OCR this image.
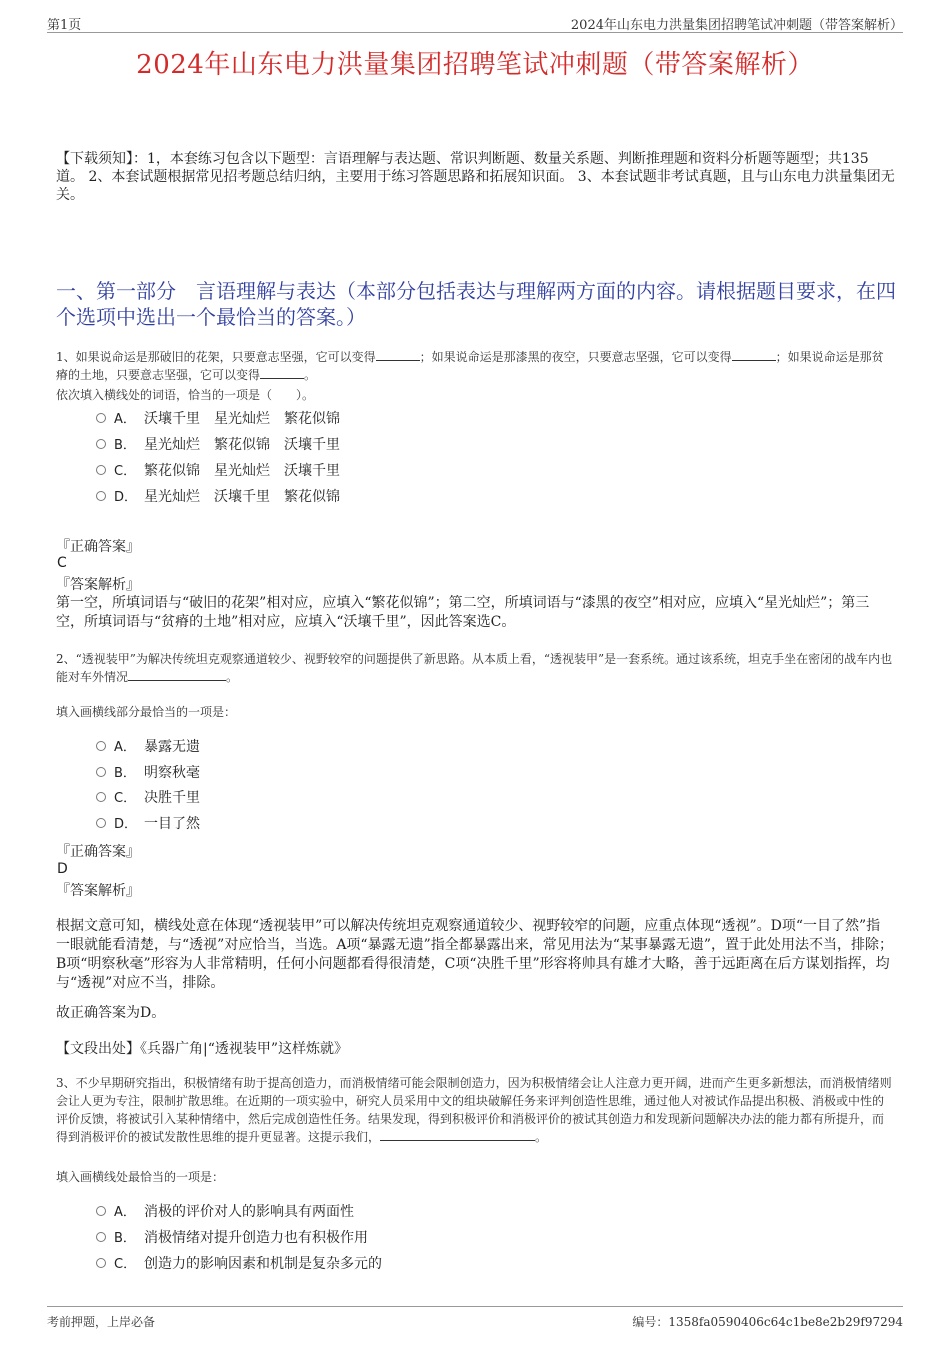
第1页	2024年山东电力洪量集团招聘笔试冲刺题（带答案解析）
2024年山东电力洪量集团招聘笔试冲刺题（带答案解析）
【下载须知】：1，本套练习包含以下题型：言语理解与表达题、常识判断题、数量关系题、判断推理题和资料分析题等题型；共135道。 2、本套试题根据常见招考题总结归纳，主要用于练习答题思路和拓展知识面。 3、本套试题非考试真题，且与山东电力洪量集团无关。
一、第一部分　言语理解与表达（本部分包括表达与理解两方面的内容。请根据题目要求，在四个选项中选出一个最恰当的答案。）
1、如果说命运是那破旧的花架，只要意志坚强，它可以变得	；如果说命运是那漆黑的夜空，只要意志坚强，它可以变得	；如果说命运是那贫瘠的土地，只要意志坚强，它可以变得	。
依次填入横线处的词语，恰当的一项是（　　）。
A． 沃壤千里　星光灿烂　繁花似锦
B． 星光灿烂　繁花似锦　沃壤千里
C． 繁花似锦　星光灿烂　沃壤千里
D． 星光灿烂　沃壤千里　繁花似锦
『正确答案』
C
『答案解析』
第一空，所填词语与“破旧的花架”相对应，应填入“繁花似锦”；第二空，所填词语与“漆黑的夜空”相对应，应填入“星光灿烂”；第三空，所填词语与“贫瘠的土地”相对应，应填入“沃壤千里”，因此答案选C。
2、“透视装甲”为解决传统坦克观察通道较少、视野较窄的问题提供了新思路。从本质上看，“透视装甲”是一套系统。通过该系统，坦克手坐在密闭的战车内也能对车外情况	。
填入画横线部分最恰当的一项是：
A． 暴露无遗
B． 明察秋毫
C． 决胜千里
D． 一目了然
『正确答案』
D
『答案解析』
根据文意可知，横线处意在体现“透视装甲”可以解决传统坦克观察通道较少、视野较窄的问题，应重点体现“透视”。D项“一目了然”指一眼就能看清楚，与“透视”对应恰当，当选。A项“暴露无遗”指全都暴露出来，常见用法为“某事暴露无遗”，置于此处用法不当，排除；B项“明察秋毫”形容为人非常精明，任何小问题都看得很清楚，C项“决胜千里”形容将帅具有雄才大略，善于远距离在后方谋划指挥，均与“透视”对应不当，排除。
故正确答案为D。
【文段出处】《兵器广角|“透视装甲”这样炼就》
3、不少早期研究指出，积极情绪有助于提高创造力，而消极情绪可能会限制创造力，因为积极情绪会让人注意力更开阔，进而产生更多新想法，而消极情绪则会让人更为专注，限制扩散思维。在近期的一项实验中，研究人员采用中文的组块破解任务来评判创造性思维，通过他人对被试作品提出积极、消极或中性的评价反馈，将被试引入某种情绪中，然后完成创造性任务。结果发现，得到积极评价和消极评价的被试其创造力和发现新问题解决办法的能力都有所提升，而得到消极评价的被试发散性思维的提升更显著。这提示我们，	。
填入画横线处最恰当的一项是：
A． 消极的评价对人的影响具有两面性
B． 消极情绪对提升创造力也有积极作用
C． 创造力的影响因素和机制是复杂多元的
考前押题，上岸必备	编号：1358fa0590406c64c1be8e2b29f97294
